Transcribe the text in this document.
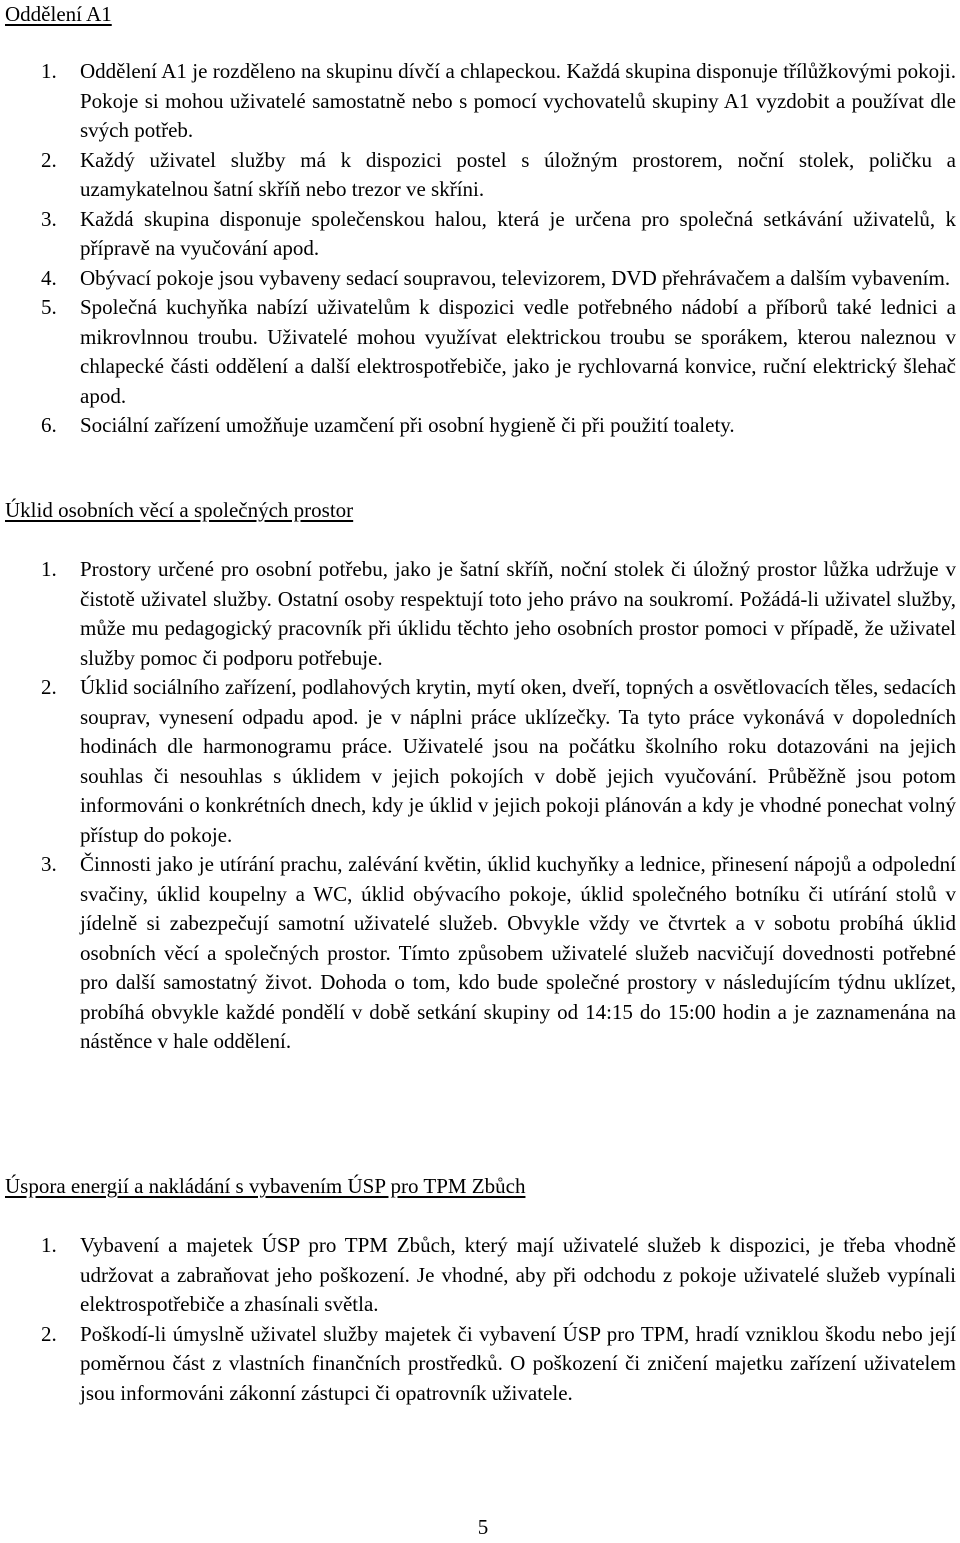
Oddělení A1
1. Oddělení A1 je rozděleno na skupinu dívčí a chlapeckou. Každá skupina disponuje třílůžkovými pokoji. Pokoje si mohou uživatelé samostatně nebo s pomocí vychovatelů skupiny A1 vyzdobit a používat dle svých potřeb.
2. Každý uživatel služby má k dispozici postel s úložným prostorem, noční stolek, poličku a uzamykatelnou šatní skříň nebo trezor ve skříni.
3. Každá skupina disponuje společenskou halou, která je určena pro společná setkávání uživatelů, k přípravě na vyučování apod.
4. Obývací pokoje jsou vybaveny sedací soupravou, televizorem, DVD přehrávačem a dalším vybavením.
5. Společná kuchyňka nabízí uživatelům k dispozici vedle potřebného nádobí a příborů také lednici a mikrovlnnou troubu. Uživatelé mohou využívat elektrickou troubu se sporákem, kterou naleznou v chlapecké části oddělení a další elektrospotřebiče, jako je rychlovarná konvice, ruční elektrický šlehač apod.
6. Sociální zařízení umožňuje uzamčení při osobní hygieně či při použití toalety.
Úklid osobních věcí a společných prostor
1. Prostory určené pro osobní potřebu, jako je šatní skříň, noční stolek či úložný prostor lůžka udržuje v čistotě uživatel služby. Ostatní osoby respektují toto jeho právo na soukromí. Požádá-li uživatel služby, může mu pedagogický pracovník při úklidu těchto jeho osobních prostor pomoci v případě, že uživatel služby pomoc či podporu potřebuje.
2. Úklid sociálního zařízení, podlahových krytin, mytí oken, dveří, topných a osvětlovacích těles, sedacích souprav, vynesení odpadu apod. je v náplni práce uklízečky. Ta tyto práce vykonává v dopoledních hodinách dle harmonogramu práce. Uživatelé jsou na počátku školního roku dotazováni na jejich souhlas či nesouhlas s úklidem v jejich pokojích v době jejich vyučování. Průběžně jsou potom informováni o konkrétních dnech, kdy je úklid v jejich pokoji plánován a kdy je vhodné ponechat volný přístup do pokoje.
3. Činnosti jako je utírání prachu, zalévání květin, úklid kuchyňky a lednice, přinesení nápojů a odpolední svačiny, úklid koupelny a WC, úklid obývacího pokoje, úklid společného botníku či utírání stolů v jídelně si zabezpečují samotní uživatelé služeb. Obvykle vždy ve čtvrtek a v sobotu probíhá úklid osobních věcí a společných prostor. Tímto způsobem uživatelé služeb nacvičují dovednosti potřebné pro další samostatný život. Dohoda o tom, kdo bude společné prostory v následujícím týdnu uklízet, probíhá obvykle každé pondělí v době setkání skupiny od 14:15 do 15:00 hodin a je zaznamenána na nástěnce v hale oddělení.
Úspora energií a nakládání s vybavením ÚSP pro TPM Zbůch
1. Vybavení a majetek ÚSP pro TPM Zbůch, který mají uživatelé služeb k dispozici, je třeba vhodně udržovat a zabraňovat jeho poškození. Je vhodné, aby při odchodu z pokoje uživatelé služeb vypínali elektrospotřebiče a zhasínali světla.
2. Poškodí-li úmyslně uživatel služby majetek či vybavení ÚSP pro TPM, hradí vzniklou škodu nebo její poměrnou část z vlastních finančních prostředků. O poškození či zničení majetku zařízení uživatelem jsou informováni zákonní zástupci či opatrovník uživatele.
5
